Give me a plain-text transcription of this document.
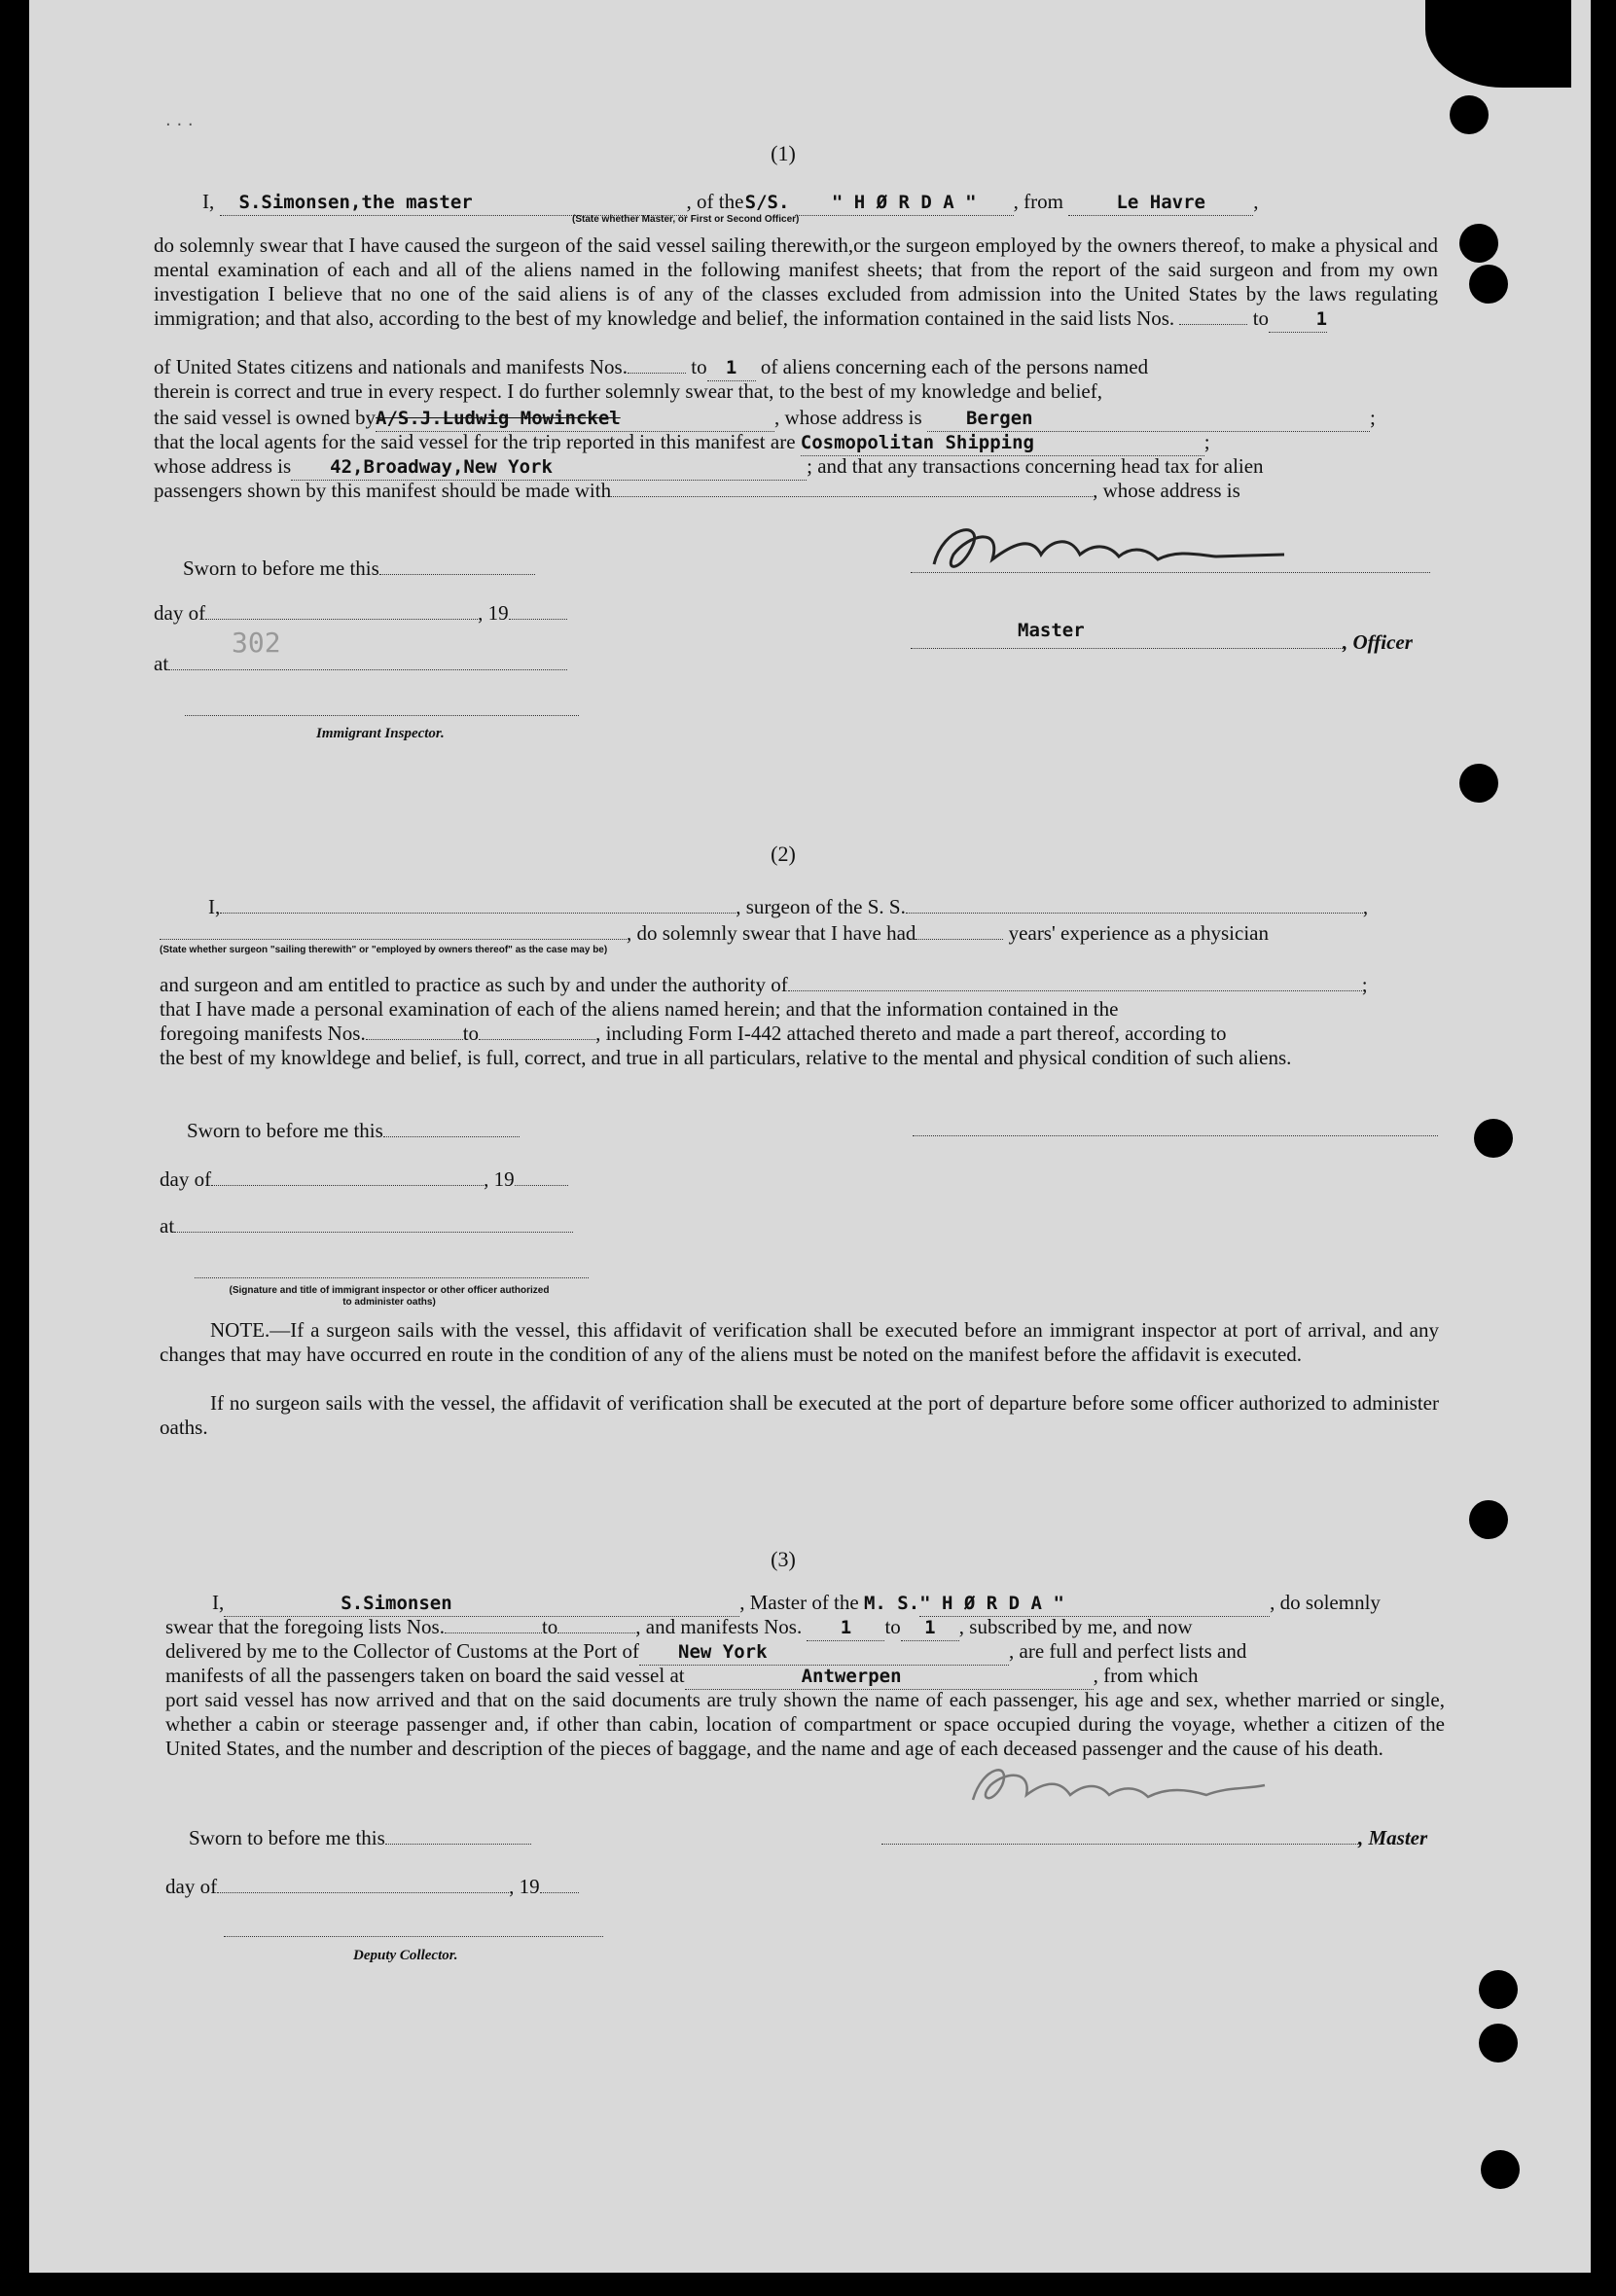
· · ·
(1)
I, S.Simonsen,the master	, of the S/S. " H Ø R D A " , from	Le Havre ,
(State whether Master, or First or Second Officer)
do solemnly swear that I have caused the surgeon of the said vessel sailing therewith,or the surgeon employed by the owners thereof, to make a physical and mental examination of each and all of the aliens named in the following manifest sheets; that from the report of the said surgeon and from my own investigation I believe that no one of the said aliens is of any of the classes excluded from admission into the United States by the laws regulating immigration; and that also, according to the best of my knowledge and belief, the information contained in the said lists Nos.	to	1
of United States citizens and nationals and manifests Nos.	to 1 of aliens concerning each of the persons named
therein is correct and true in every respect. I do further solemnly swear that, to the best of my knowledge and belief,
the said vessel is owned byA/S.J.Ludwig Mowinckel	, whose address is Bergen	;
that the local agents for the said vessel for the trip reported in this manifest are Cosmopolitan Shipping	;
whose address is 42,Broadway,New York	; and that any transactions concerning head tax for alien
passengers shown by this manifest should be made with	, whose address is
Sworn to before me this
day of	, 19
Master	, Officer
at
302
Immigrant Inspector.
(2)
I,	, surgeon of the S. S.	,
, do solemnly swear that I have had	years' experience as a physician
(State whether surgeon "sailing therewith" or "employed by owners thereof" as the case may be)
and surgeon and am entitled to practice as such by and under the authority of	;
that I have made a personal examination of each of the aliens named herein; and that the information contained in the
foregoing manifests Nos.	to	, including Form I-442 attached thereto and made a part thereof, according to
the best of my knowldege and belief, is full, correct, and true in all particulars, relative to the mental and physical condition of such aliens.
Sworn to before me this
day of	, 19
at
(Signature and title of immigrant inspector or other officer authorized to administer oaths)
NOTE.—If a surgeon sails with the vessel, this affidavit of verification shall be executed before an immigrant inspector at port of arrival, and any changes that may have occurred en route in the condition of any of the aliens must be noted on the manifest before the affidavit is executed.
If no surgeon sails with the vessel, the affidavit of verification shall be executed at the port of departure before some officer authorized to administer oaths.
(3)
I,	S.Simonsen	, Master of the M. S." H Ø R D A "	, do solemnly
swear that the foregoing lists Nos.	to	, and manifests Nos. 1 to 1 , subscribed by me, and now
delivered by me to the Collector of Customs at the Port of New York	, are full and perfect lists and
manifests of all the passengers taken on board the said vessel at	Antwerpen	, from which
port said vessel has now arrived and that on the said documents are truly shown the name of each passenger, his age and sex, whether married or single, whether a cabin or steerage passenger and, if other than cabin, location of compartment or space occupied during the voyage, whether a citizen of the United States, and the number and description of the pieces of baggage, and the name and age of each deceased passenger and the cause of his death.
Sworn to before me this	, Master
day of	, 19
Deputy Collector.
